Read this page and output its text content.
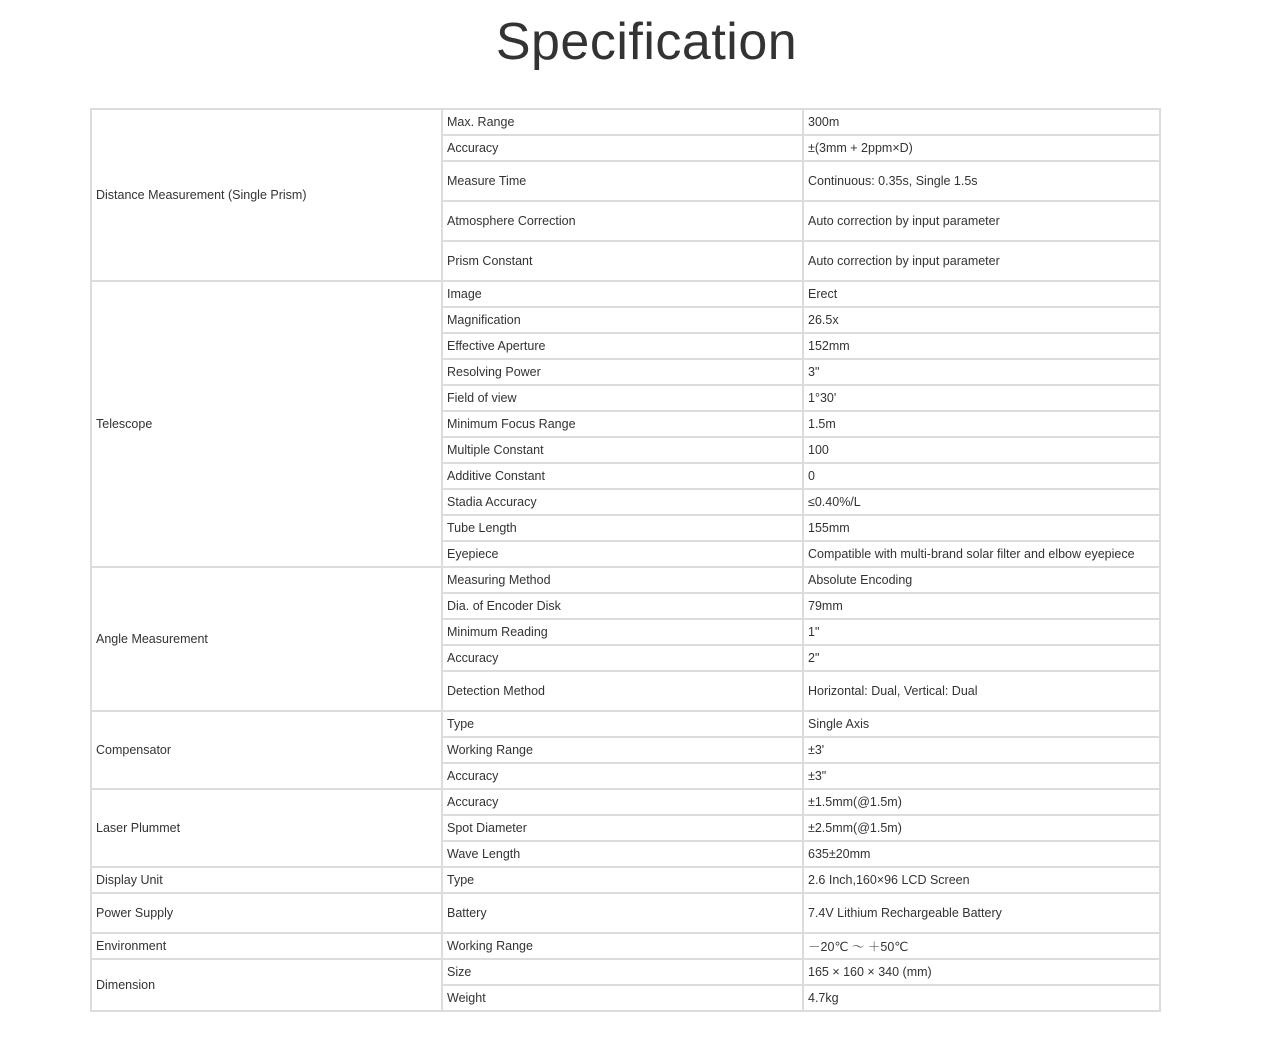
Specification
Distance Measurement (Single Prism)	Max. Range	300m
	Accuracy	±(3mm + 2ppm×D)
	Measure Time	Continuous: 0.35s, Single 1.5s
	Atmosphere Correction	Auto correction by input parameter
	Prism Constant	Auto correction by input parameter
Telescope	Image	Erect
	Magnification	26.5x
	Effective Aperture	152mm
	Resolving Power	3"
	Field of view	1°30'
	Minimum Focus Range	1.5m
	Multiple Constant	100
	Additive Constant	0
	Stadia Accuracy	≤0.40%/L
	Tube Length	155mm
	Eyepiece	Compatible with multi-brand solar filter and elbow eyepiece
Angle Measurement	Measuring Method	Absolute Encoding
	Dia. of Encoder Disk	79mm
	Minimum Reading	1"
	Accuracy	2"
	Detection Method	Horizontal: Dual, Vertical: Dual
Compensator	Type	Single Axis
	Working Range	±3'
	Accuracy	±3"
Laser Plummet	Accuracy	±1.5mm(@1.5m)
	Spot Diameter	±2.5mm(@1.5m)
	Wave Length	635±20mm
Display Unit	Type	2.6 Inch,160×96 LCD Screen
Power Supply	Battery	7.4V Lithium Rechargeable Battery
Environment	Working Range	－20℃ ～ ＋50℃
Dimension	Size	165 × 160 × 340 (mm)
	Weight	4.7kg
